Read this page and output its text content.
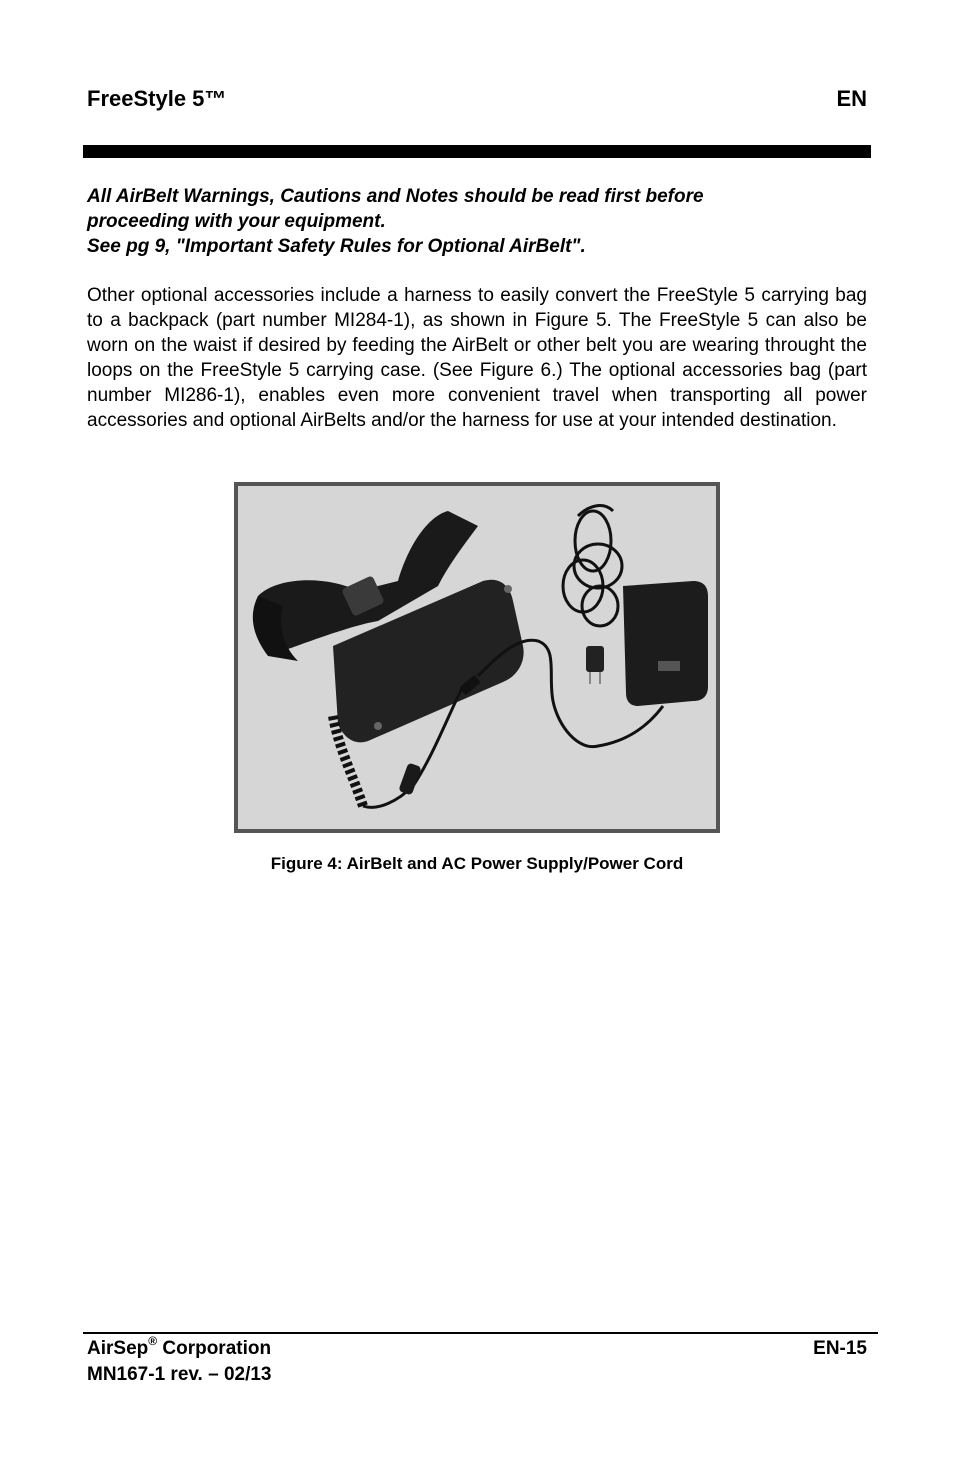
FreeStyle 5™	EN
All AirBelt Warnings, Cautions and Notes should be read first before
proceeding with your equipment.
See pg 9, "Important Safety Rules for Optional AirBelt".
Other optional accessories include a harness to easily convert the FreeStyle 5 carrying bag to a backpack (part number MI284-1), as shown in Figure 5. The FreeStyle 5 can also be worn on the waist if desired by feeding the AirBelt or other belt you are wearing throught the loops on the FreeStyle 5 carrying case. (See Figure 6.) The optional accessories bag (part number MI286-1), enables even more convenient travel when transporting all power accessories and optional AirBelts and/or the harness for use at your intended destination.
Figure 4: AirBelt and AC Power Supply/Power Cord
AirSep® Corporation
MN167-1 rev. – 02/13
EN-15
